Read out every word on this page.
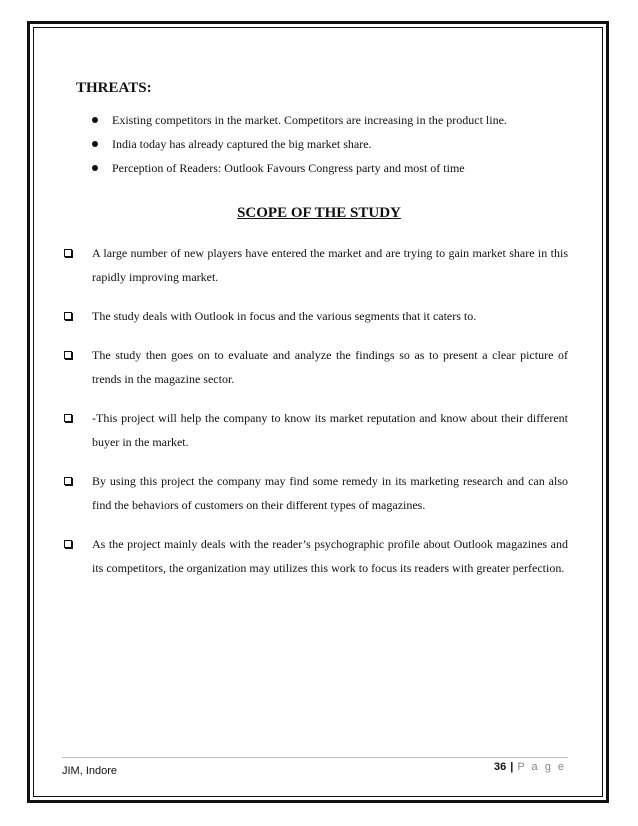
THREATS:
Existing competitors in the market. Competitors are increasing in the product line.
India today has already captured the big market share.
Perception of Readers: Outlook Favours Congress party and most of time
SCOPE OF THE STUDY
A large number of new players have entered the market and are trying to gain market share in this rapidly improving market.
The study deals with Outlook in focus and the various segments that it caters to.
The study then goes on to evaluate and analyze the findings so as to present a clear picture of trends in the magazine sector.
-This project will help the company to know its market reputation and know about their different buyer in the market.
By using this project the company may find some remedy in its marketing research and can also find the behaviors of customers on their different types of magazines.
As the project mainly deals with the reader’s psychographic profile about Outlook magazines and its competitors, the organization may utilizes this work to focus its readers with greater perfection.
JIM, Indore	36 | P a g e
